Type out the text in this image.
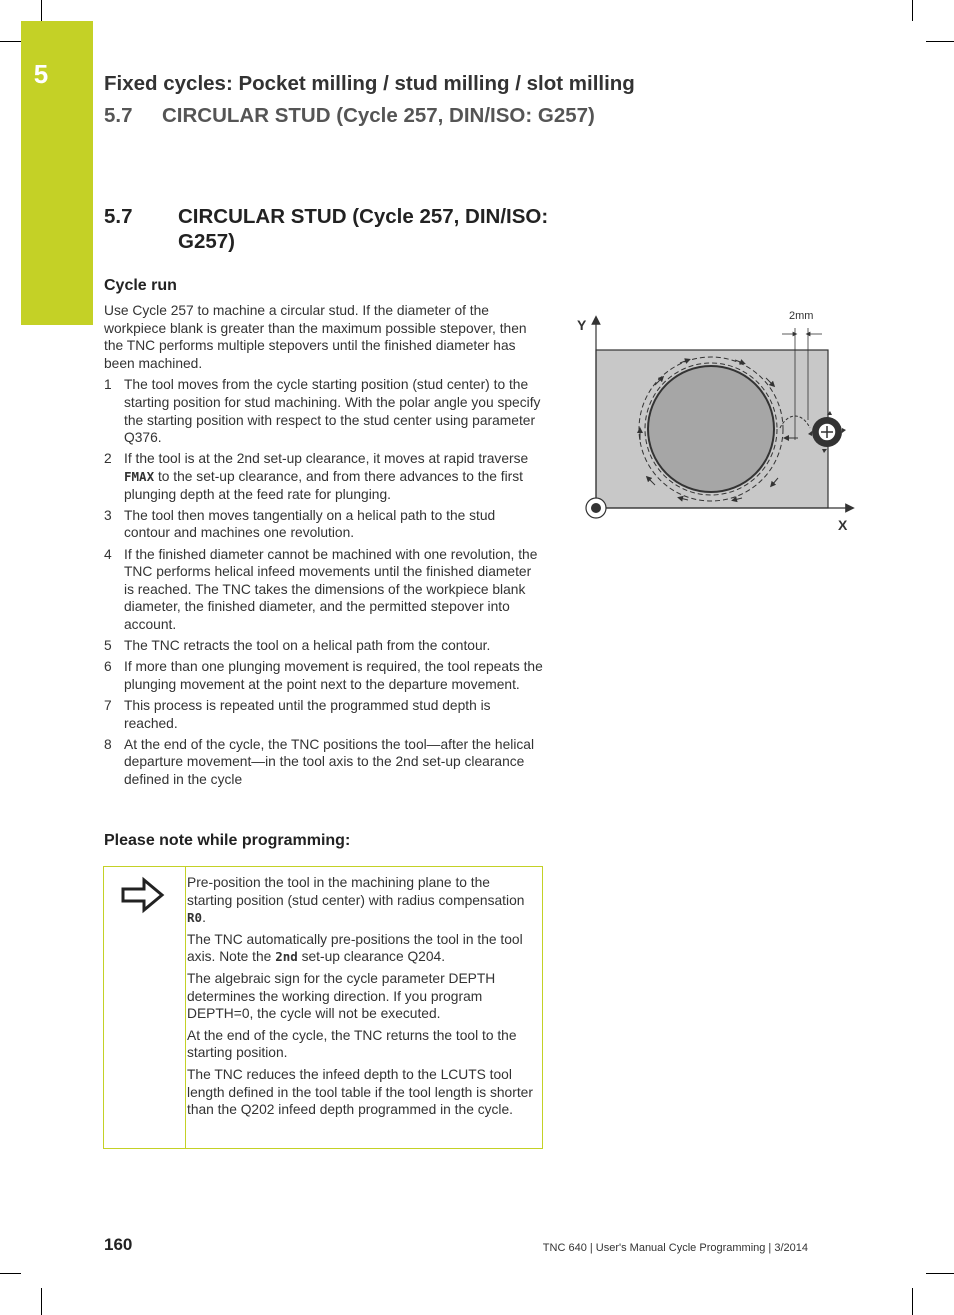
5	Fixed cycles: Pocket milling / stud milling / slot milling
5.7 CIRCULAR STUD (Cycle 257, DIN/ISO: G257)
5.7 CIRCULAR STUD (Cycle 257, DIN/ISO: G257)
Cycle run

Use Cycle 257 to machine a circular stud. If the diameter of the workpiece blank is greater than the maximum possible stepover, then the TNC performs multiple stepovers until the finished diameter has been machined.

1 The tool moves from the cycle starting position (stud center) to the starting position for stud machining. With the polar angle you specify the starting position with respect to the stud center using parameter Q376.
2 If the tool is at the 2nd set-up clearance, it moves at rapid traverse FMAX to the set-up clearance, and from there advances to the first plunging depth at the feed rate for plunging.
3 The tool then moves tangentially on a helical path to the stud contour and machines one revolution.
4 If the finished diameter cannot be machined with one revolution, the TNC performs helical infeed movements until the finished diameter is reached. The TNC takes the dimensions of the workpiece blank diameter, the finished diameter, and the permitted stepover into account.
5 The TNC retracts the tool on a helical path from the contour.
6 If more than one plunging movement is required, the tool repeats the plunging movement at the point next to the departure movement.
7 This process is repeated until the programmed stud depth is reached.
8 At the end of the cycle, the TNC positions the tool—after the helical departure movement—in the tool axis to the 2nd set-up clearance defined in the cycle
Please note while programming:

Pre-position the tool in the machining plane to the starting position (stud center) with radius compensation R0.

The TNC automatically pre-positions the tool in the tool axis. Note the 2nd set-up clearance Q204.

The algebraic sign for the cycle parameter DEPTH determines the working direction. If you program DEPTH=0, the cycle will not be executed.

At the end of the cycle, the TNC returns the tool to the starting position.

The TNC reduces the infeed depth to the LCUTS tool length defined in the tool table if the tool length is shorter than the Q202 infeed depth programmed in the cycle.

2mm
Y
X
160	TNC 640 | User's Manual Cycle Programming | 3/2014
